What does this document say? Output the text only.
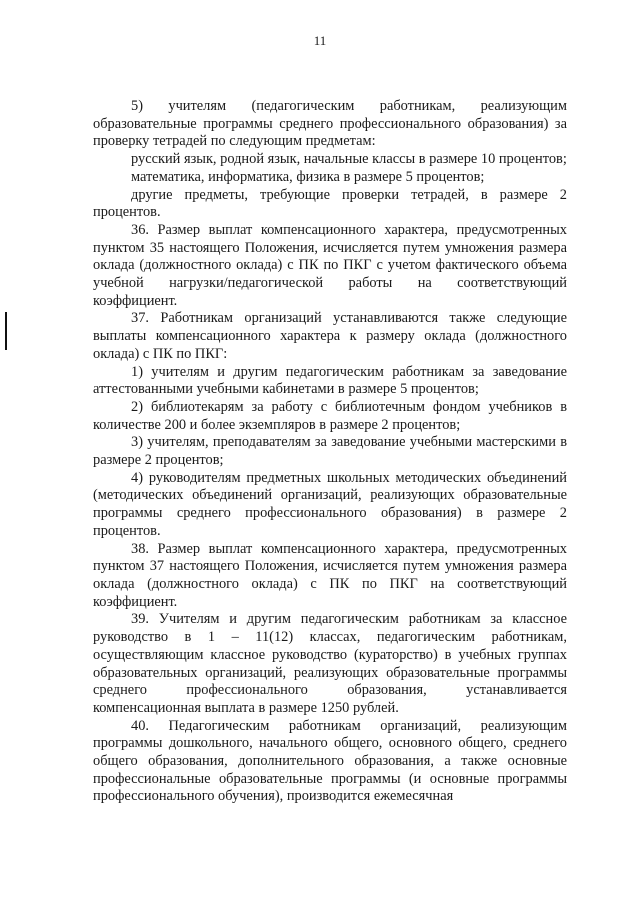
11

5) учителям (педагогическим работникам, реализующим образовательные программы среднего профессионального образования) за проверку тетрадей по следующим предметам:

русский язык, родной язык, начальные классы в размере 10 процентов;

математика, информатика, физика в размере 5 процентов;

другие предметы, требующие проверки тетрадей, в размере 2 процентов.

36. Размер выплат компенсационного характера, предусмотренных пунктом 35 настоящего Положения, исчисляется путем умножения размера оклада (должностного оклада) с ПК по ПКГ с учетом фактического объема учебной нагрузки/педагогической работы на соответствующий коэффициент.

37. Работникам организаций устанавливаются также следующие выплаты компенсационного характера к размеру оклада (должностного оклада) с ПК по ПКГ:

1) учителям и другим педагогическим работникам за заведование аттестованными учебными кабинетами в размере 5 процентов;

2) библиотекарям за работу с библиотечным фондом учебников в количестве 200 и более экземпляров в размере 2 процентов;

3) учителям, преподавателям за заведование учебными мастерскими в размере 2 процентов;

4) руководителям предметных школьных методических объединений (методических объединений организаций, реализующих образовательные программы среднего профессионального образования) в размере 2 процентов.

38. Размер выплат компенсационного характера, предусмотренных пунктом 37 настоящего Положения, исчисляется путем умножения размера оклада (должностного оклада) с ПК по ПКГ на соответствующий коэффициент.

39. Учителям и другим педагогическим работникам за классное руководство в 1 – 11(12) классах, педагогическим работникам, осуществляющим классное руководство (кураторство) в учебных группах образовательных организаций, реализующих образовательные программы среднего профессионального образования, устанавливается компенсационная выплата в размере 1250 рублей.

40. Педагогическим работникам организаций, реализующим программы дошкольного, начального общего, основного общего, среднего общего образования, дополнительного образования, а также основные профессиональные образовательные программы (и основные программы профессионального обучения), производится ежемесячная
